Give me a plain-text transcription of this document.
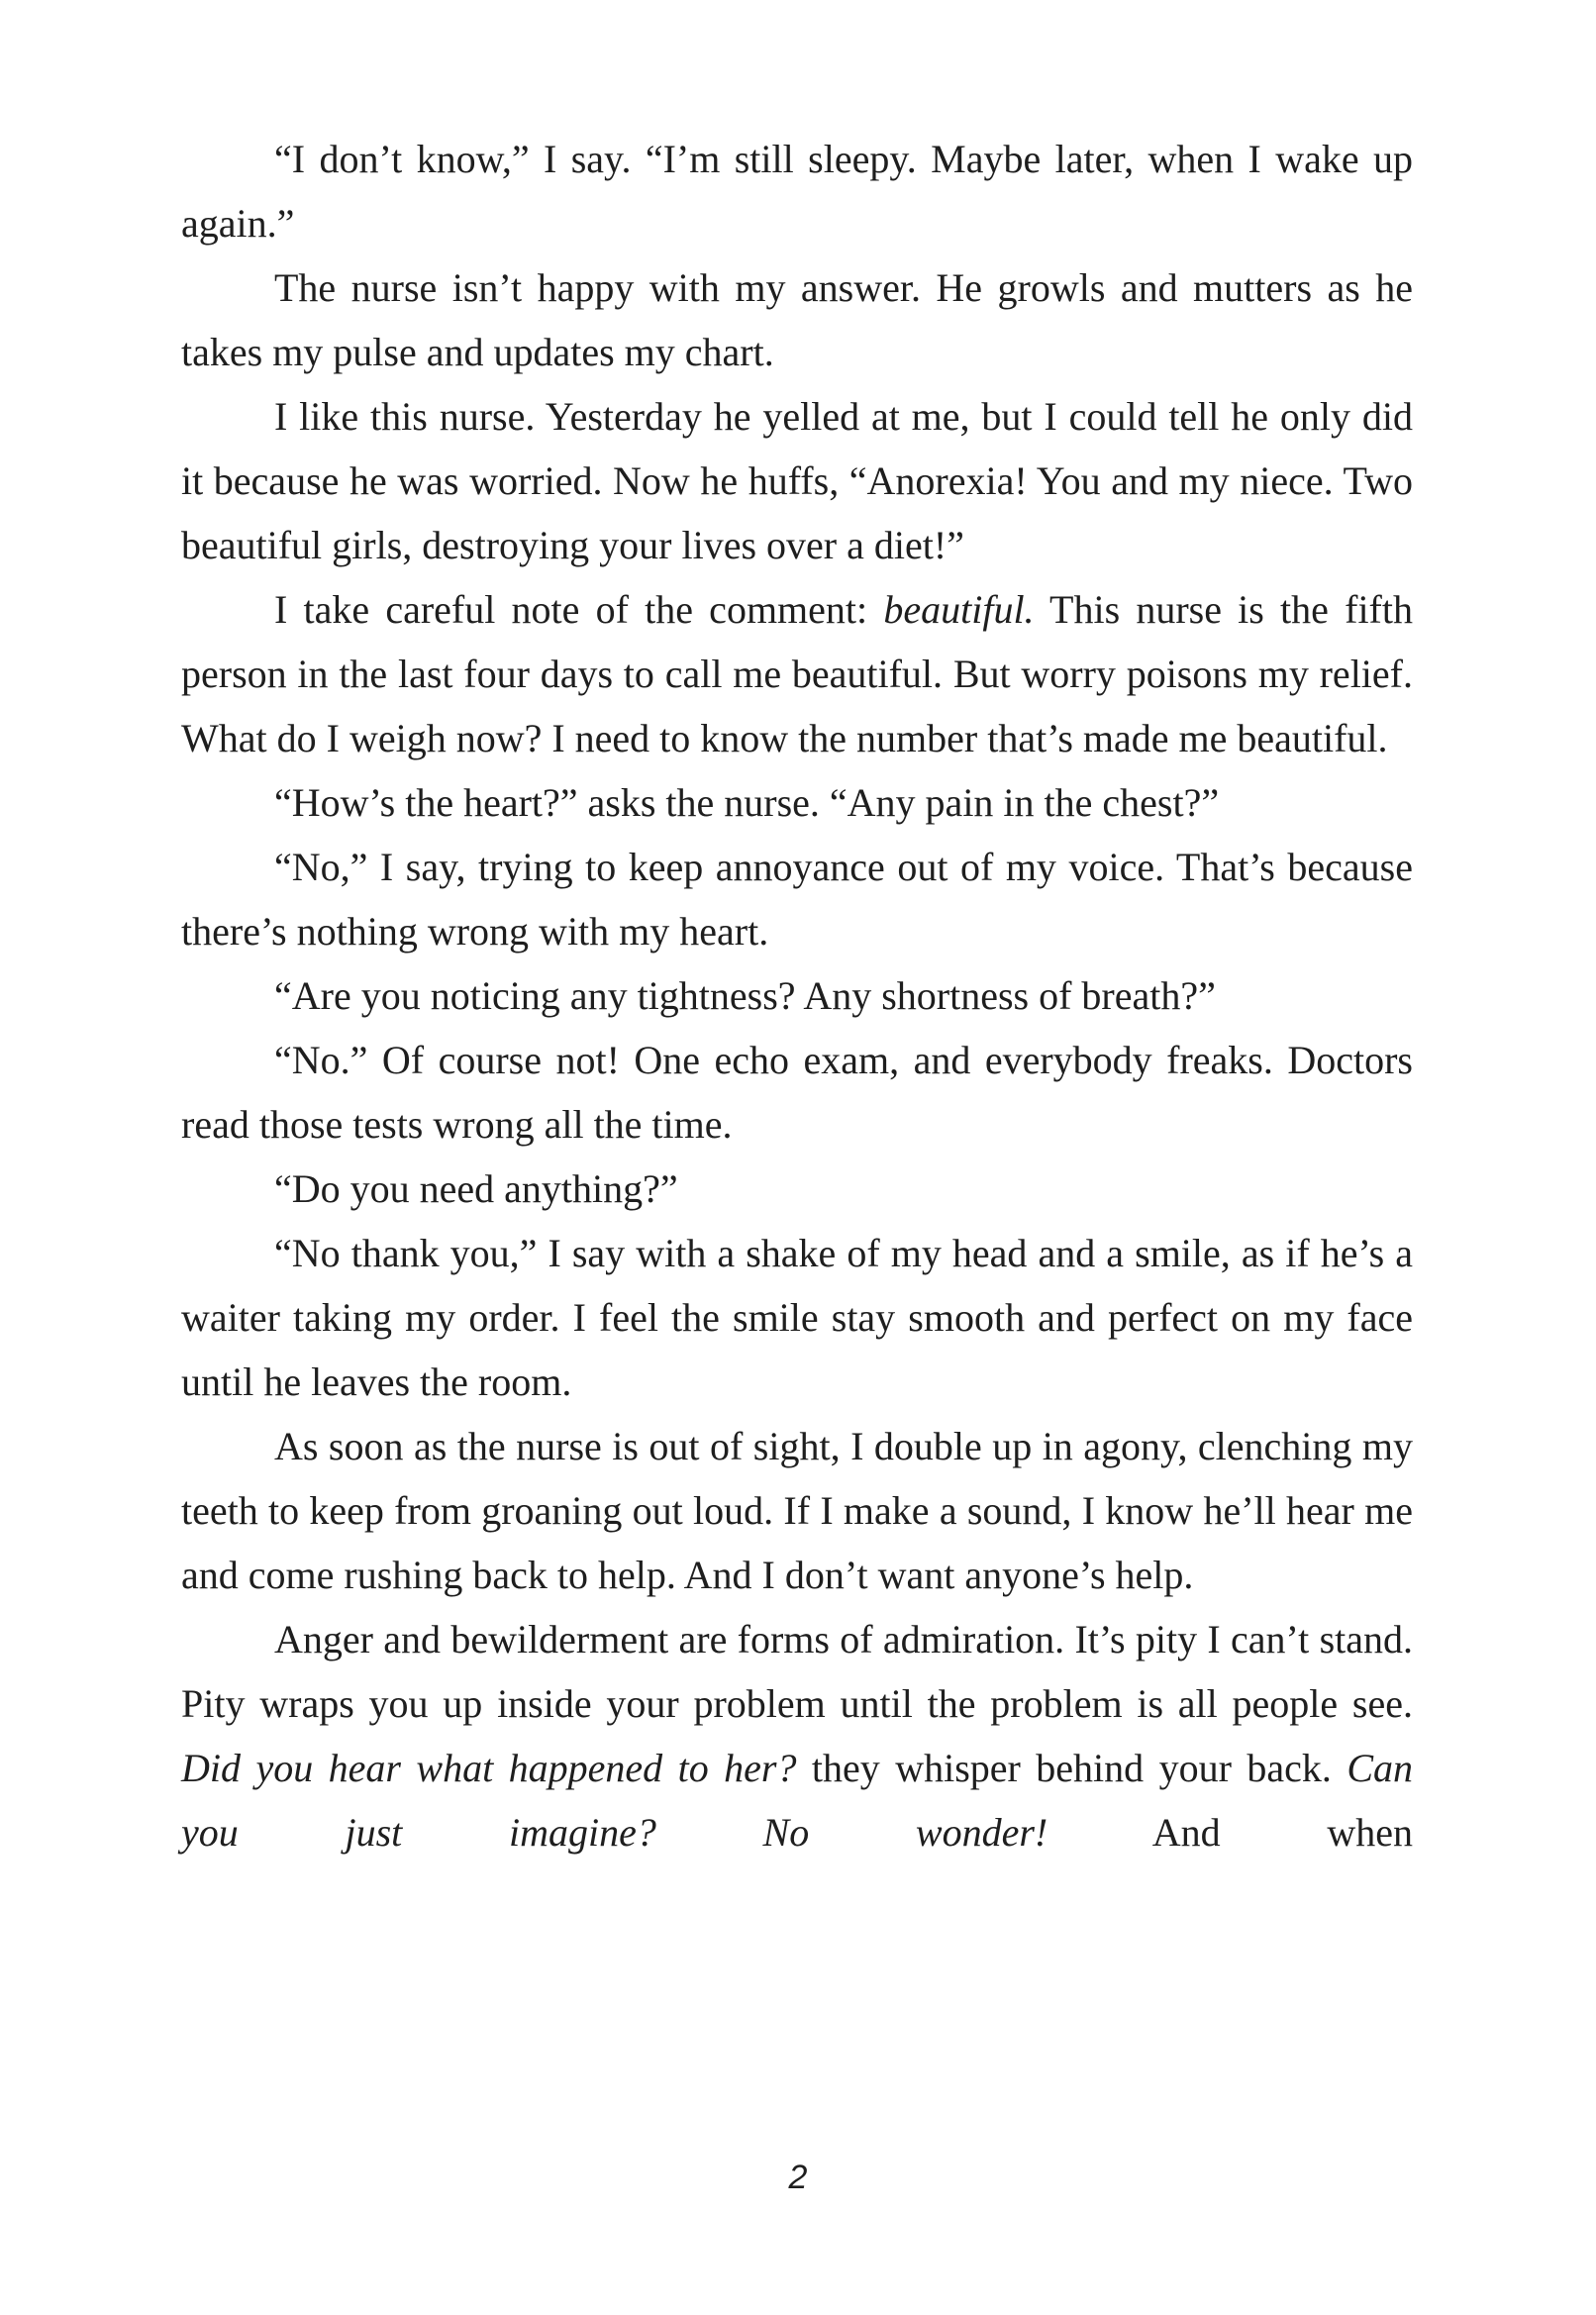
“I don’t know,” I say. “I’m still sleepy. Maybe later, when I wake up again.”

The nurse isn’t happy with my answer. He growls and mutters as he takes my pulse and updates my chart.

I like this nurse. Yesterday he yelled at me, but I could tell he only did it because he was worried. Now he huffs, “Anorexia! You and my niece. Two beautiful girls, destroying your lives over a diet!”

I take careful note of the comment: beautiful. This nurse is the fifth person in the last four days to call me beautiful. But worry poisons my relief. What do I weigh now? I need to know the number that’s made me beautiful.

“How’s the heart?” asks the nurse. “Any pain in the chest?”

“No,” I say, trying to keep annoyance out of my voice. That’s because there’s nothing wrong with my heart.

“Are you noticing any tightness? Any shortness of breath?”

“No.” Of course not! One echo exam, and everybody freaks. Doctors read those tests wrong all the time.

“Do you need anything?”

“No thank you,” I say with a shake of my head and a smile, as if he’s a waiter taking my order. I feel the smile stay smooth and perfect on my face until he leaves the room.

As soon as the nurse is out of sight, I double up in agony, clenching my teeth to keep from groaning out loud. If I make a sound, I know he’ll hear me and come rushing back to help. And I don’t want anyone’s help.

Anger and bewilderment are forms of admiration. It’s pity I can’t stand. Pity wraps you up inside your problem until the problem is all people see. Did you hear what happened to her? they whisper behind your back. Can you just imagine? No wonder! And when

2
